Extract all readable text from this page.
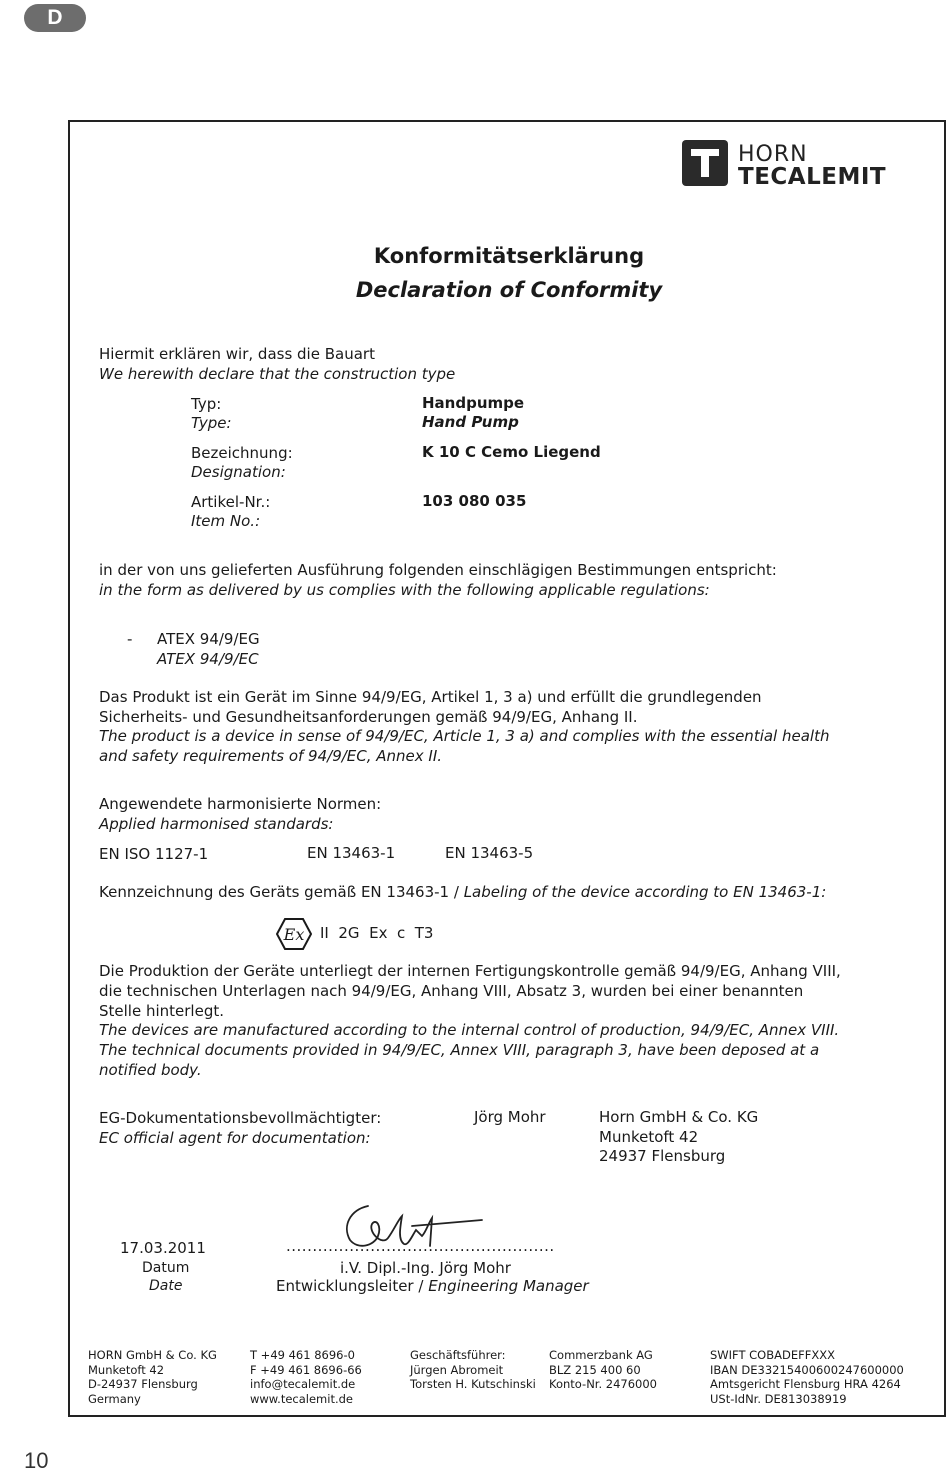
D
HORN
TECALEMIT
Konformitätserklärung
Declaration of Conformity
Hiermit erklären wir, dass die Bauart
We herewith declare that the construction type
Typ:
Type:
Handpumpe
Hand Pump
Bezeichnung:
Designation:
K 10 C Cemo Liegend
Artikel-Nr.:
Item No.:
103 080 035
in der von uns gelieferten Ausführung folgenden einschlägigen Bestimmungen entspricht:
in the form as delivered by us complies with the following applicable regulations:
- ATEX 94/9/EG
ATEX 94/9/EC
Das Produkt ist ein Gerät im Sinne 94/9/EG, Artikel 1, 3 a) und erfüllt die grundlegenden
Sicherheits- und Gesundheitsanforderungen gemäß 94/9/EG, Anhang II.
The product is a device in sense of 94/9/EC, Article 1, 3 a) and complies with the essential health
and safety requirements of 94/9/EC, Annex II.
Angewendete harmonisierte Normen:
Applied harmonised standards:
EN ISO 1127-1	EN 13463-1	EN 13463-5
Kennzeichnung des Geräts gemäß EN 13463-1 / Labeling of the device according to EN 13463-1:
Ex II  2G  Ex  c  T3
Die Produktion der Geräte unterliegt der internen Fertigungskontrolle gemäß 94/9/EG, Anhang VIII,
die technischen Unterlagen nach 94/9/EG, Anhang VIII, Absatz 3, wurden bei einer benannten
Stelle hinterlegt.
The devices are manufactured according to the internal control of production, 94/9/EC, Annex VIII.
The technical documents provided in 94/9/EC, Annex VIII, paragraph 3, have been deposed at a
notified body.
EG-Dokumentationsbevollmächtigter:
EC official agent for documentation:
Jörg Mohr	Horn GmbH & Co. KG
Munketoft 42
24937 Flensburg
17.03.2011
Datum
Date
...................................................
i.V. Dipl.-Ing. Jörg Mohr
Entwicklungsleiter / Engineering Manager
HORN GmbH & Co. KG
Munketoft 42
D-24937 Flensburg
Germany
T +49 461 8696-0
F +49 461 8696-66
info@tecalemit.de
www.tecalemit.de
Geschäftsführer:
Jürgen Abromeit
Torsten H. Kutschinski
Commerzbank AG
BLZ 215 400 60
Konto-Nr. 2476000
SWIFT COBADEFFXXX
IBAN DE33215400600247600000
Amtsgericht Flensburg HRA 4264
USt-IdNr. DE813038919
10
